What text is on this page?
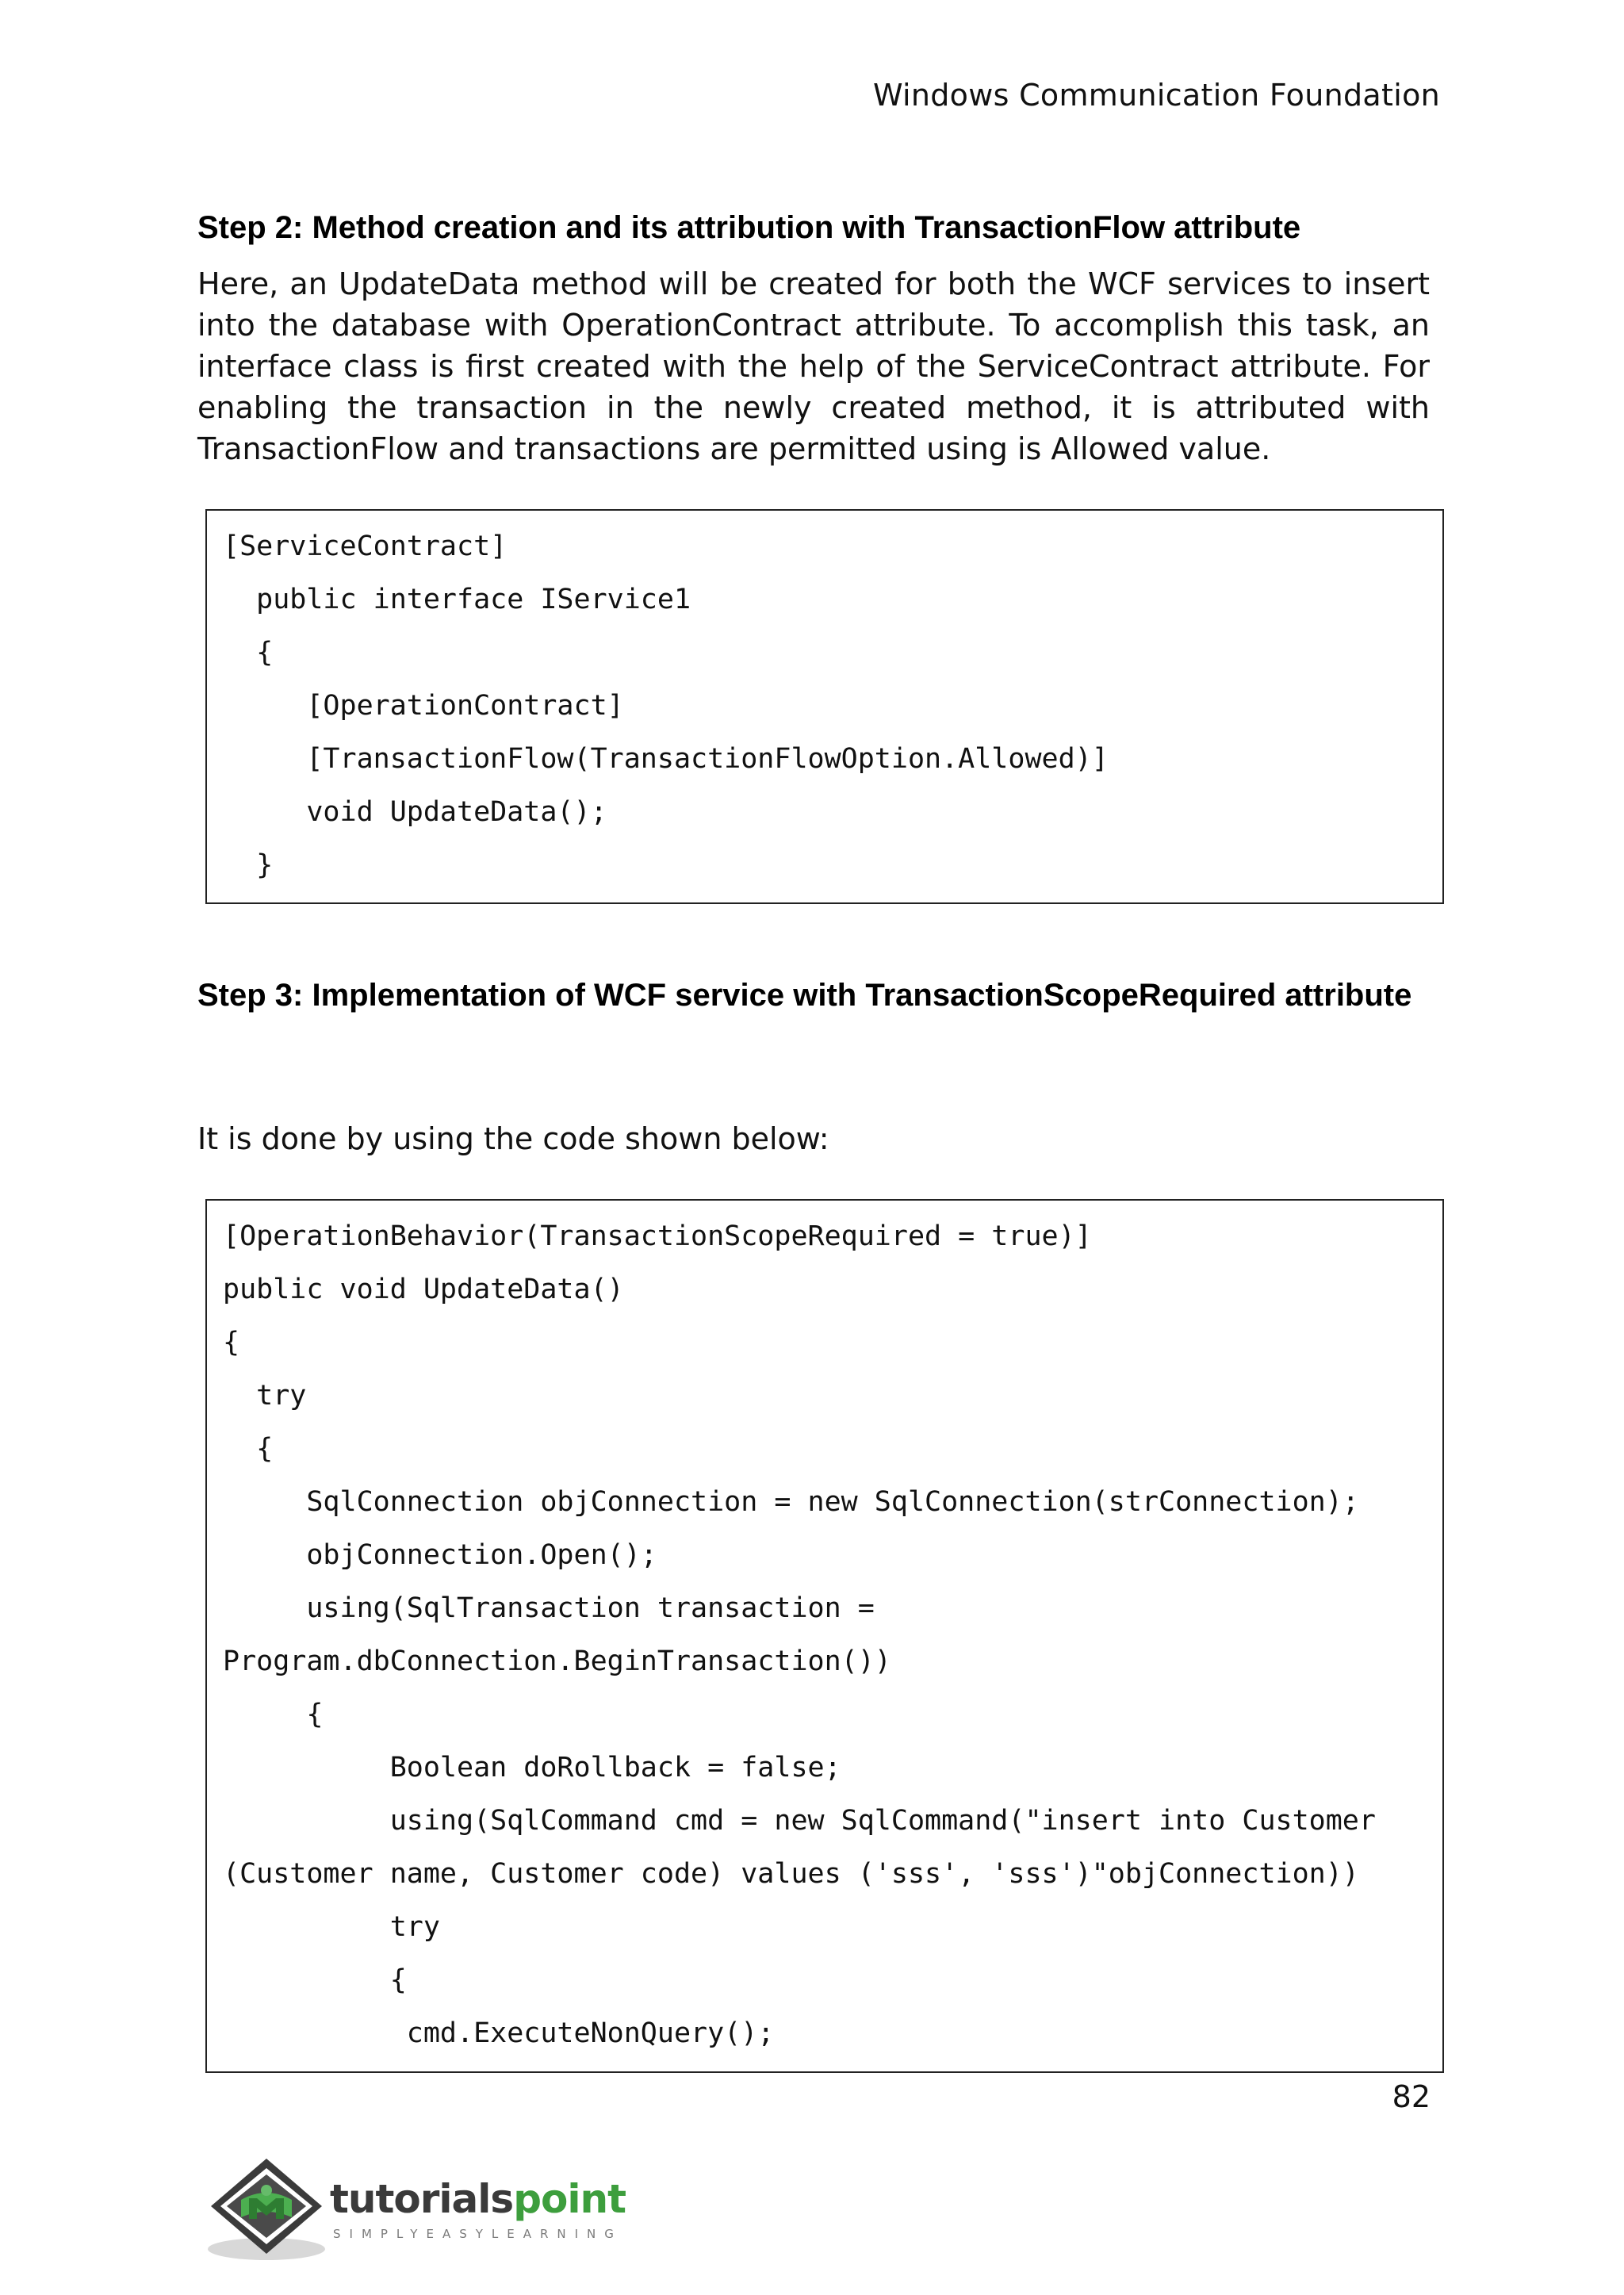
Windows Communication Foundation
Step 2: Method creation and its attribution with TransactionFlow attribute
Here, an UpdateData method will be created for both the WCF services to insert into the database with OperationContract attribute. To accomplish this task, an interface class is first created with the help of the ServiceContract attribute. For enabling the transaction in the newly created method, it is attributed with TransactionFlow and transactions are permitted using is Allowed value.
[ServiceContract]
public interface IService1
{
[OperationContract]
[TransactionFlow(TransactionFlowOption.Allowed)]
void UpdateData();
}
Step 3: Implementation of WCF service with TransactionScopeRequired attribute
It is done by using the code shown below:
[OperationBehavior(TransactionScopeRequired = true)]
public void UpdateData()
{
try
{
SqlConnection objConnection = new SqlConnection(strConnection);
objConnection.Open();
using(SqlTransaction transaction =
Program.dbConnection.BeginTransaction())
{
Boolean doRollback = false;
using(SqlCommand cmd = new SqlCommand("insert into Customer
(Customer name, Customer code) values ('sss', 'sss')"objConnection))
try
{
cmd.ExecuteNonQuery();
82
tutorialspoint
SIMPLYEASYLEARNING
